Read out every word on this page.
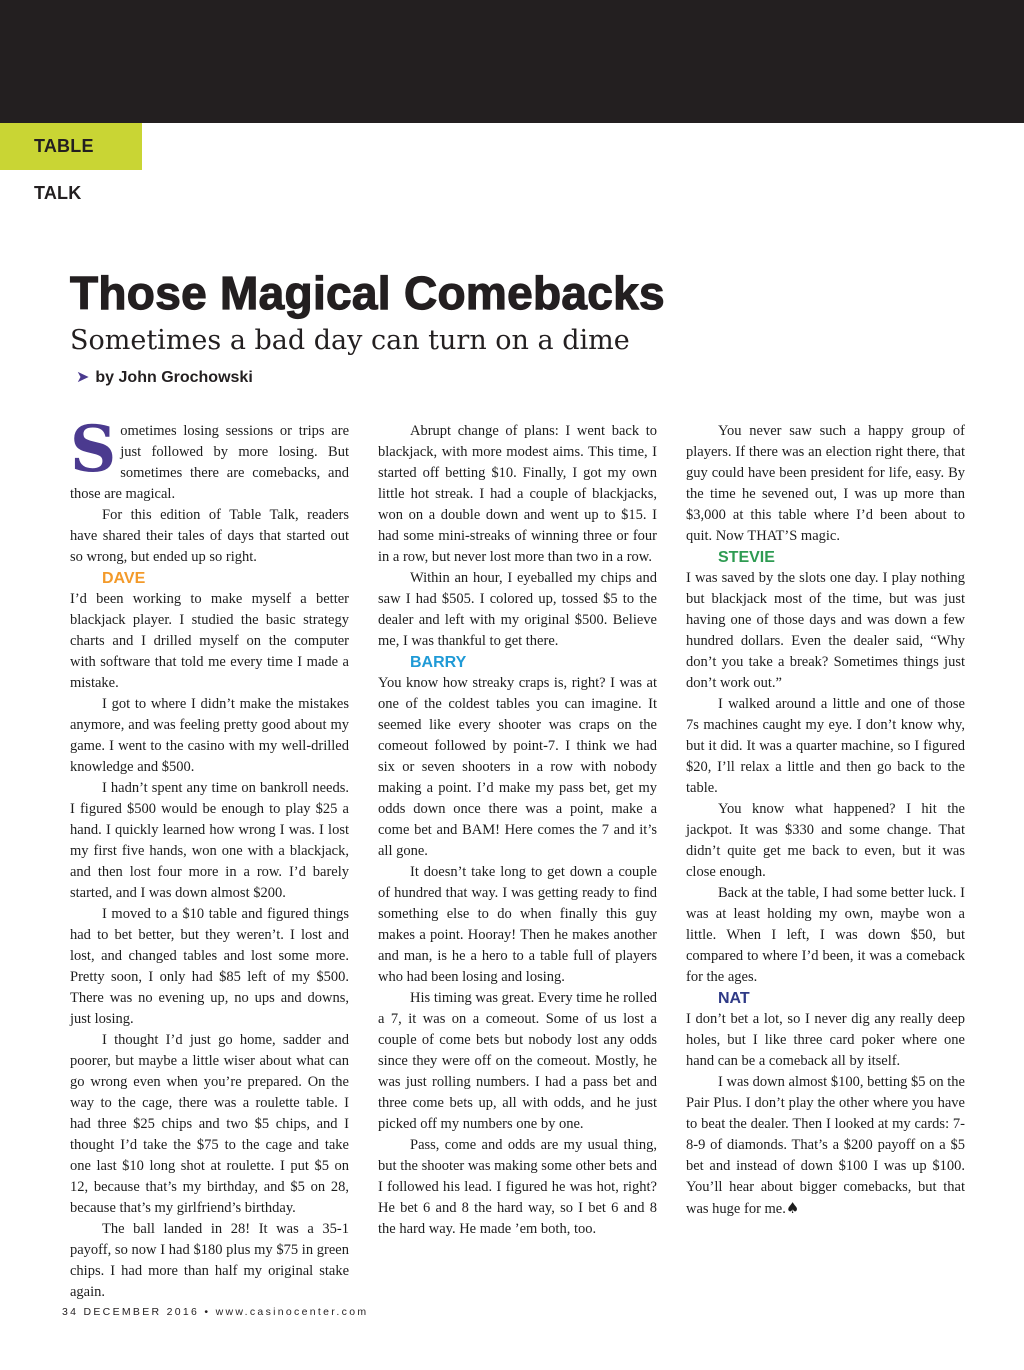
TABLE TALK
Those Magical Comebacks
Sometimes a bad day can turn on a dime
➤ by John Grochowski

Sometimes losing sessions or trips are just followed by more losing. But sometimes there are comebacks, and those are magical.

For this edition of Table Talk, readers have shared their tales of days that started out so wrong, but ended up so right.

DAVE

I’d been working to make myself a better blackjack player. I studied the basic strategy charts and I drilled myself on the computer with software that told me every time I made a mistake.

I got to where I didn’t make the mistakes anymore, and was feeling pretty good about my game. I went to the casino with my well-drilled knowledge and $500.

I hadn’t spent any time on bankroll needs. I figured $500 would be enough to play $25 a hand. I quickly learned how wrong I was. I lost my first five hands, won one with a blackjack, and then lost four more in a row. I’d barely started, and I was down almost $200.

I moved to a $10 table and figured things had to bet better, but they weren’t. I lost and lost, and changed tables and lost some more. Pretty soon, I only had $85 left of my $500. There was no evening up, no ups and downs, just losing.

I thought I’d just go home, sadder and poorer, but maybe a little wiser about what can go wrong even when you’re prepared. On the way to the cage, there was a roulette table. I had three $25 chips and two $5 chips, and I thought I’d take the $75 to the cage and take one last $10 long shot at roulette. I put $5 on 12, because that’s my birthday, and $5 on 28, because that’s my girlfriend’s birthday.

The ball landed in 28! It was a 35-1 payoff, so now I had $180 plus my $75 in green chips. I had more than half my original stake again.

Abrupt change of plans: I went back to blackjack, with more modest aims. This time, I started off betting $10. Finally, I got my own little hot streak. I had a couple of blackjacks, won on a double down and went up to $15. I had some mini-streaks of winning three or four in a row, but never lost more than two in a row.

Within an hour, I eyeballed my chips and saw I had $505. I colored up, tossed $5 to the dealer and left with my original $500. Believe me, I was thankful to get there.

BARRY

You know how streaky craps is, right? I was at one of the coldest tables you can imagine. It seemed like every shooter was craps on the comeout followed by point-7. I think we had six or seven shooters in a row with nobody making a point. I’d make my pass bet, get my odds down once there was a point, make a come bet and BAM! Here comes the 7 and it’s all gone.

It doesn’t take long to get down a couple of hundred that way. I was getting ready to find something else to do when finally this guy makes a point. Hooray! Then he makes another and man, is he a hero to a table full of players who had been losing and losing.

His timing was great. Every time he rolled a 7, it was on a comeout. Some of us lost a couple of come bets but nobody lost any odds since they were off on the comeout. Mostly, he was just rolling numbers. I had a pass bet and three come bets up, all with odds, and he just picked off my numbers one by one.

Pass, come and odds are my usual thing, but the shooter was making some other bets and I followed his lead. I figured he was hot, right? He bet 6 and 8 the hard way, so I bet 6 and 8 the hard way. He made ’em both, too.

You never saw such a happy group of players. If there was an election right there, that guy could have been president for life, easy. By the time he sevened out, I was up more than $3,000 at this table where I’d been about to quit. Now THAT’S magic.

STEVIE

I was saved by the slots one day. I play nothing but blackjack most of the time, but was just having one of those days and was down a few hundred dollars. Even the dealer said, “Why don’t you take a break? Sometimes things just don’t work out.”

I walked around a little and one of those 7s machines caught my eye. I don’t know why, but it did. It was a quarter machine, so I figured $20, I’ll relax a little and then go back to the table.

You know what happened? I hit the jackpot. It was $330 and some change. That didn’t quite get me back to even, but it was close enough.

Back at the table, I had some better luck. I was at least holding my own, maybe won a little. When I left, I was down $50, but compared to where I’d been, it was a comeback for the ages.

NAT

I don’t bet a lot, so I never dig any really deep holes, but I like three card poker where one hand can be a comeback all by itself.

I was down almost $100, betting $5 on the Pair Plus. I don’t play the other where you have to beat the dealer. Then I looked at my cards: 7-8-9 of diamonds. That’s a $200 payoff on a $5 bet and instead of down $100 I was up $100. You’ll hear about bigger comebacks, but that was huge for me.♠

34 DECEMBER 2016 • www.casinocenter.com
